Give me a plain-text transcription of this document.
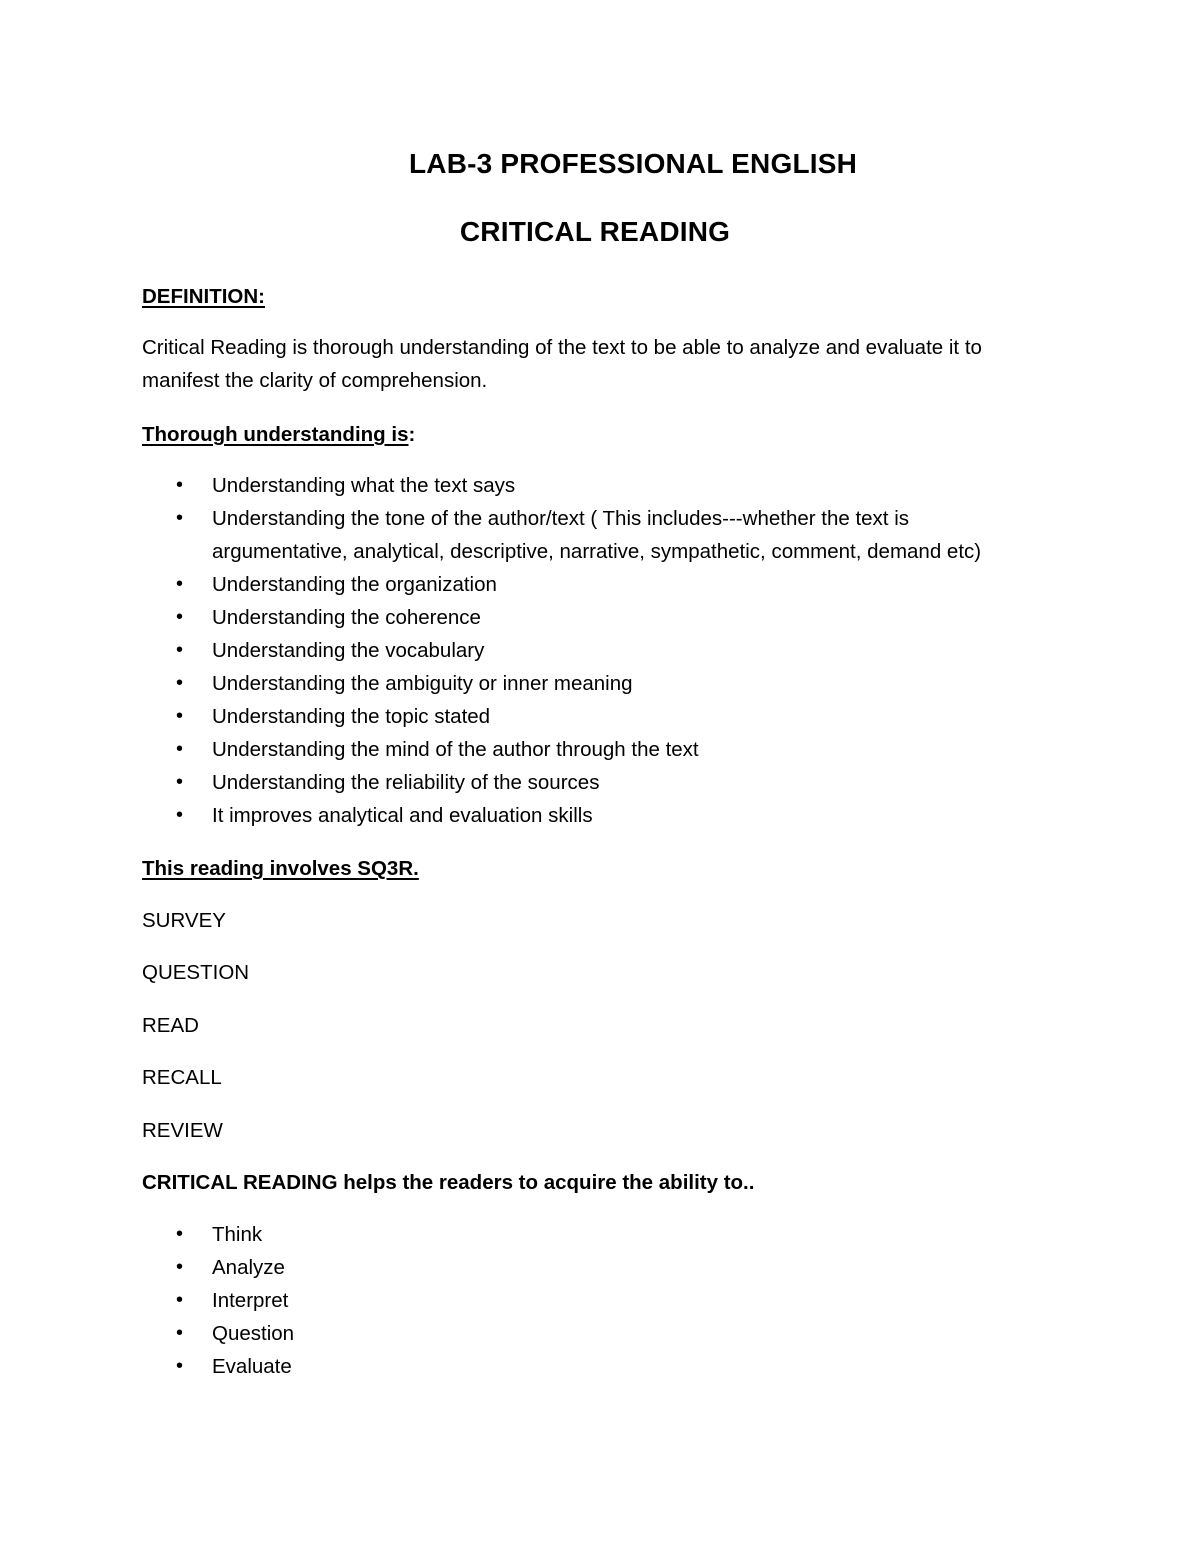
LAB-3 PROFESSIONAL ENGLISH
CRITICAL READING
DEFINITION:
Critical Reading is thorough understanding of the text to be able to analyze and evaluate it to
manifest the clarity of comprehension.
Thorough understanding is:
• Understanding what the text says
• Understanding the tone of the author/text ( This includes---whether the text is
argumentative, analytical, descriptive, narrative, sympathetic, comment, demand etc)
• Understanding the organization
• Understanding the coherence
• Understanding the vocabulary
• Understanding the ambiguity or inner meaning
• Understanding the topic stated
• Understanding the mind of the author through the text
• Understanding the reliability of the sources
• It improves analytical and evaluation skills
This reading involves SQ3R.
SURVEY
QUESTION
READ
RECALL
REVIEW
CRITICAL READING helps the readers to acquire the ability to..
• Think
• Analyze
• Interpret
• Question
• Evaluate
